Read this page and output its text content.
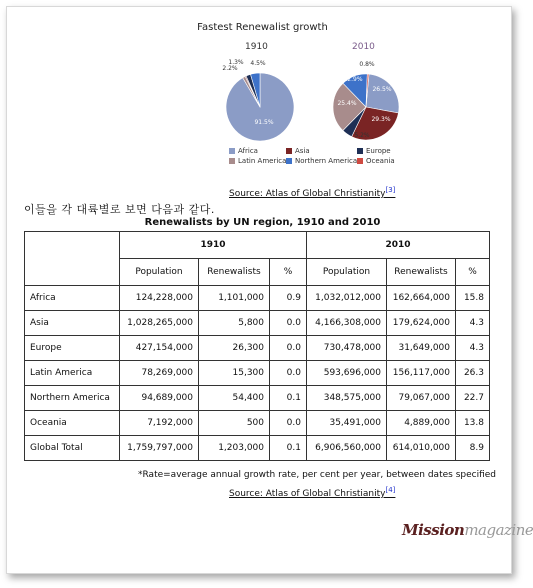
Fastest Renewalist growth
1910	2010
91.5%
1.3%
2.2%
4.5%
26.5%
29.3%
5.2%
25.4%
12.9%
0.8%
Africa	Asia	Europe
Latin America	Northern America	Oceania
Source: Atlas of Global Christianity[3]
이들을 각 대륙별로 보면 다음과 같다.
Renewalists by UN region, 1910 and 2010
	1910			2010		
	Population	Renewalists	%	Population	Renewalists	%
Africa	124,228,000	1,101,000	0.9	1,032,012,000	162,664,000	15.8
Asia	1,028,265,000	5,800	0.0	4,166,308,000	179,624,000	4.3
Europe	427,154,000	26,300	0.0	730,478,000	31,649,000	4.3
Latin America	78,269,000	15,300	0.0	593,696,000	156,117,000	26.3
Northern America	94,689,000	54,400	0.1	348,575,000	79,067,000	22.7
Oceania	7,192,000	500	0.0	35,491,000	4,889,000	13.8
Global Total	1,759,797,000	1,203,000	0.1	6,906,560,000	614,010,000	8.9
*Rate=average annual growth rate, per cent per year, between dates specified
Source: Atlas of Global Christianity[4]
Missionmagazine
